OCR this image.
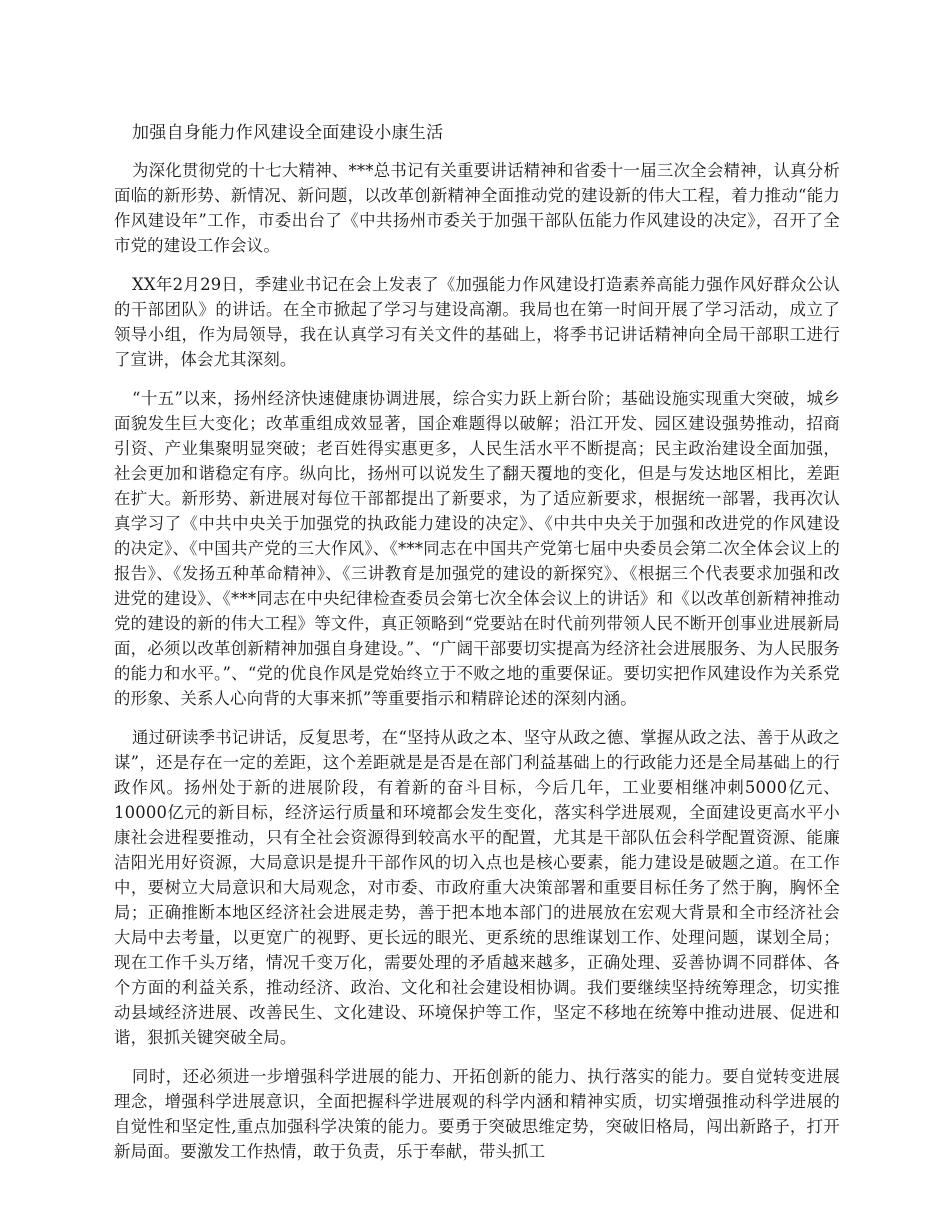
加强自身能力作风建设全面建设小康生活

为深化贯彻党的十七大精神、***总书记有关重要讲话精神和省委十一届三次全会精神，认真分析面临的新形势、新情况、新问题，以改革创新精神全面推动党的建设新的伟大工程，着力推动“能力作风建设年”工作，市委出台了《中共扬州市委关于加强干部队伍能力作风建设的决定》，召开了全市党的建设工作会议。

XX年2月29日，季建业书记在会上发表了《加强能力作风建设打造素养高能力强作风好群众公认的干部团队》的讲话。在全市掀起了学习与建设高潮。我局也在第一时间开展了学习活动，成立了领导小组，作为局领导，我在认真学习有关文件的基础上，将季书记讲话精神向全局干部职工进行了宣讲，体会尤其深刻。

“十五”以来，扬州经济快速健康协调进展，综合实力跃上新台阶；基础设施实现重大突破，城乡面貌发生巨大变化；改革重组成效显著，国企难题得以破解；沿江开发、园区建设强势推动，招商引资、产业集聚明显突破；老百姓得实惠更多，人民生活水平不断提高；民主政治建设全面加强，社会更加和谐稳定有序。纵向比，扬州可以说发生了翻天覆地的变化，但是与发达地区相比，差距在扩大。新形势、新进展对每位干部都提出了新要求，为了适应新要求，根据统一部署，我再次认真学习了《中共中央关于加强党的执政能力建设的决定》、《中共中央关于加强和改进党的作风建设的决定》、《中国共产党的三大作风》、《***同志在中国共产党第七届中央委员会第二次全体会议上的报告》、《发扬五种革命精神》、《三讲教育是加强党的建设的新探究》、《根据三个代表要求加强和改进党的建设》、《***同志在中央纪律检查委员会第七次全体会议上的讲话》和《以改革创新精神推动党的建设的新的伟大工程》等文件，真正领略到“党要站在时代前列带领人民不断开创事业进展新局面，必须以改革创新精神加强自身建设。”、“广阔干部要切实提高为经济社会进展服务、为人民服务的能力和水平。”、“党的优良作风是党始终立于不败之地的重要保证。要切实把作风建设作为关系党的形象、关系人心向背的大事来抓”等重要指示和精辟论述的深刻内涵。

通过研读季书记讲话，反复思考，在“坚持从政之本、坚守从政之德、掌握从政之法、善于从政之谋”，还是存在一定的差距，这个差距就是是否是在部门利益基础上的行政能力还是全局基础上的行政作风。扬州处于新的进展阶段，有着新的奋斗目标，今后几年，工业要相继冲刺5000亿元、10000亿元的新目标，经济运行质量和环境都会发生变化，落实科学进展观，全面建设更高水平小康社会进程要推动，只有全社会资源得到较高水平的配置，尤其是干部队伍会科学配置资源、能廉洁阳光用好资源，大局意识是提升干部作风的切入点也是核心要素，能力建设是破题之道。在工作中，要树立大局意识和大局观念，对市委、市政府重大决策部署和重要目标任务了然于胸，胸怀全局；正确推断本地区经济社会进展走势，善于把本地本部门的进展放在宏观大背景和全市经济社会大局中去考量，以更宽广的视野、更长远的眼光、更系统的思维谋划工作、处理问题，谋划全局；现在工作千头万绪，情况千变万化，需要处理的矛盾越来越多，正确处理、妥善协调不同群体、各个方面的利益关系，推动经济、政治、文化和社会建设相协调。我们要继续坚持统筹理念，切实推动县域经济进展、改善民生、文化建设、环境保护等工作，坚定不移地在统筹中推动进展、促进和谐，狠抓关键突破全局。

同时，还必须进一步增强科学进展的能力、开拓创新的能力、执行落实的能力。要自觉转变进展理念，增强科学进展意识，全面把握科学进展观的科学内涵和精神实质，切实增强推动科学进展的自觉性和坚定性,重点加强科学决策的能力。要勇于突破思维定势，突破旧格局，闯出新路子，打开新局面。要激发工作热情，敢于负责，乐于奉献，带头抓工
